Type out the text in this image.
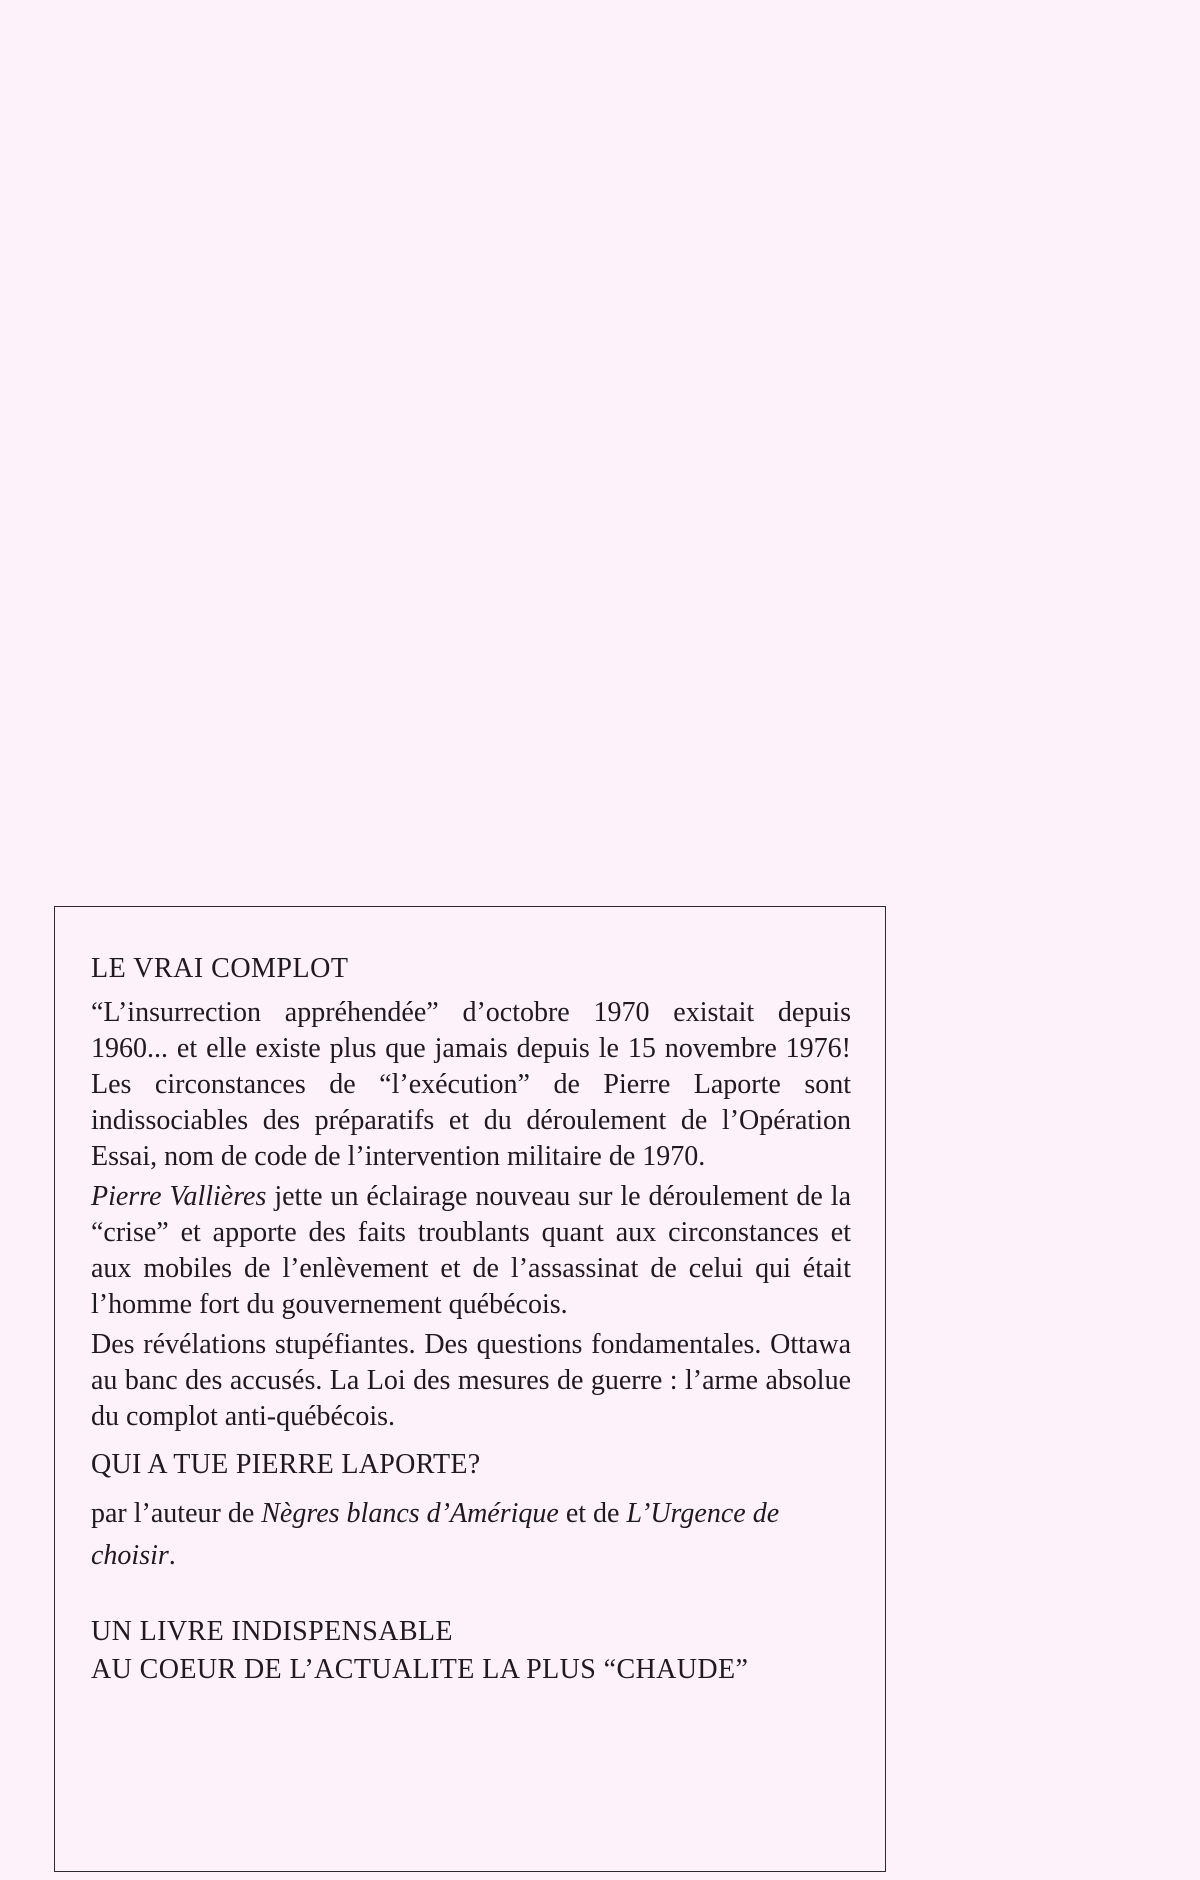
LE VRAI COMPLOT

“L’insurrection appréhendée” d’octobre 1970 existait depuis 1960... et elle existe plus que jamais depuis le 15 novembre 1976! Les circonstances de “l’exécution” de Pierre Laporte sont indissociables des préparatifs et du déroulement de l’Opération Essai, nom de code de l’intervention militaire de 1970.

Pierre Vallières jette un éclairage nouveau sur le déroulement de la “crise” et apporte des faits troublants quant aux circonstances et aux mobiles de l’enlèvement et de l’assassinat de celui qui était l’homme fort du gouvernement québécois.

Des révélations stupéfiantes. Des questions fondamentales. Ottawa au banc des accusés. La Loi des mesures de guerre : l’arme absolue du complot anti-québécois.

QUI A TUE PIERRE LAPORTE?

par l’auteur de Nègres blancs d’Amérique et de L’Urgence de choisir.

UN LIVRE INDISPENSABLE

AU COEUR DE L’ACTUALITE LA PLUS “CHAUDE”
